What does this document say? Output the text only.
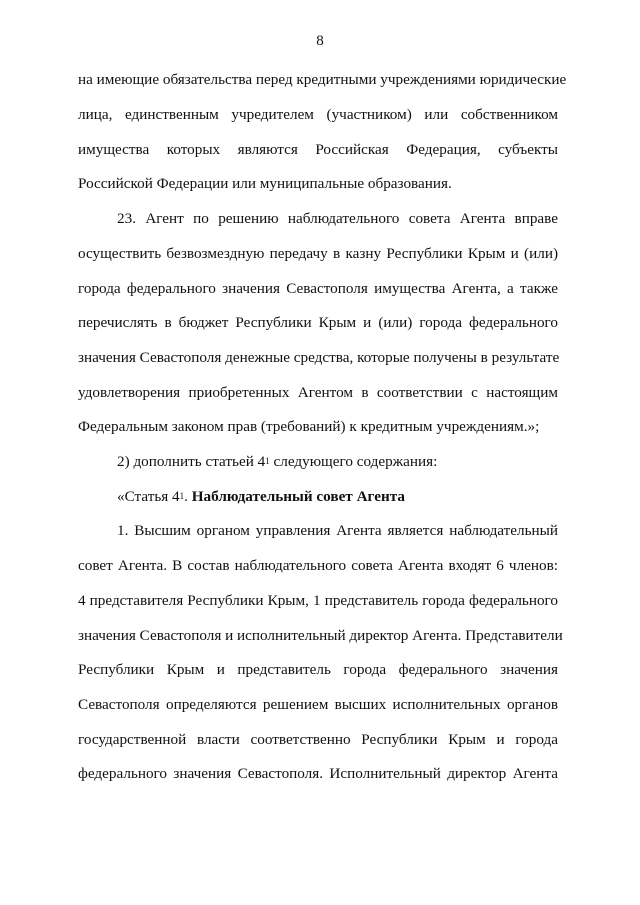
8
на имеющие обязательства перед кредитными учреждениями юридические
лица, единственным учредителем (участником) или собственником
имущества которых являются Российская Федерация, субъекты
Российской Федерации или муниципальные образования.
23. Агент по решению наблюдательного совета Агента вправе
осуществить безвозмездную передачу в казну Республики Крым и (или)
города федерального значения Севастополя имущества Агента, а также
перечислять в бюджет Республики Крым и (или) города федерального
значения Севастополя денежные средства, которые получены в результате
удовлетворения приобретенных Агентом в соответствии с настоящим
Федеральным законом прав (требований) к кредитным учреждениям.»;
2) дополнить статьей $4^1$ следующего содержания:
«Статья $4^1$. Наблюдательный совет Агента
1. Высшим органом управления Агента является наблюдательный
совет Агента. В состав наблюдательного совета Агента входят 6 членов:
4 представителя Республики Крым, 1 представитель города федерального
значения Севастополя и исполнительный директор Агента. Представители
Республики Крым и представитель города федерального значения
Севастополя определяются решением высших исполнительных органов
государственной власти соответственно Республики Крым и города
федерального значения Севастополя. Исполнительный директор Агента
